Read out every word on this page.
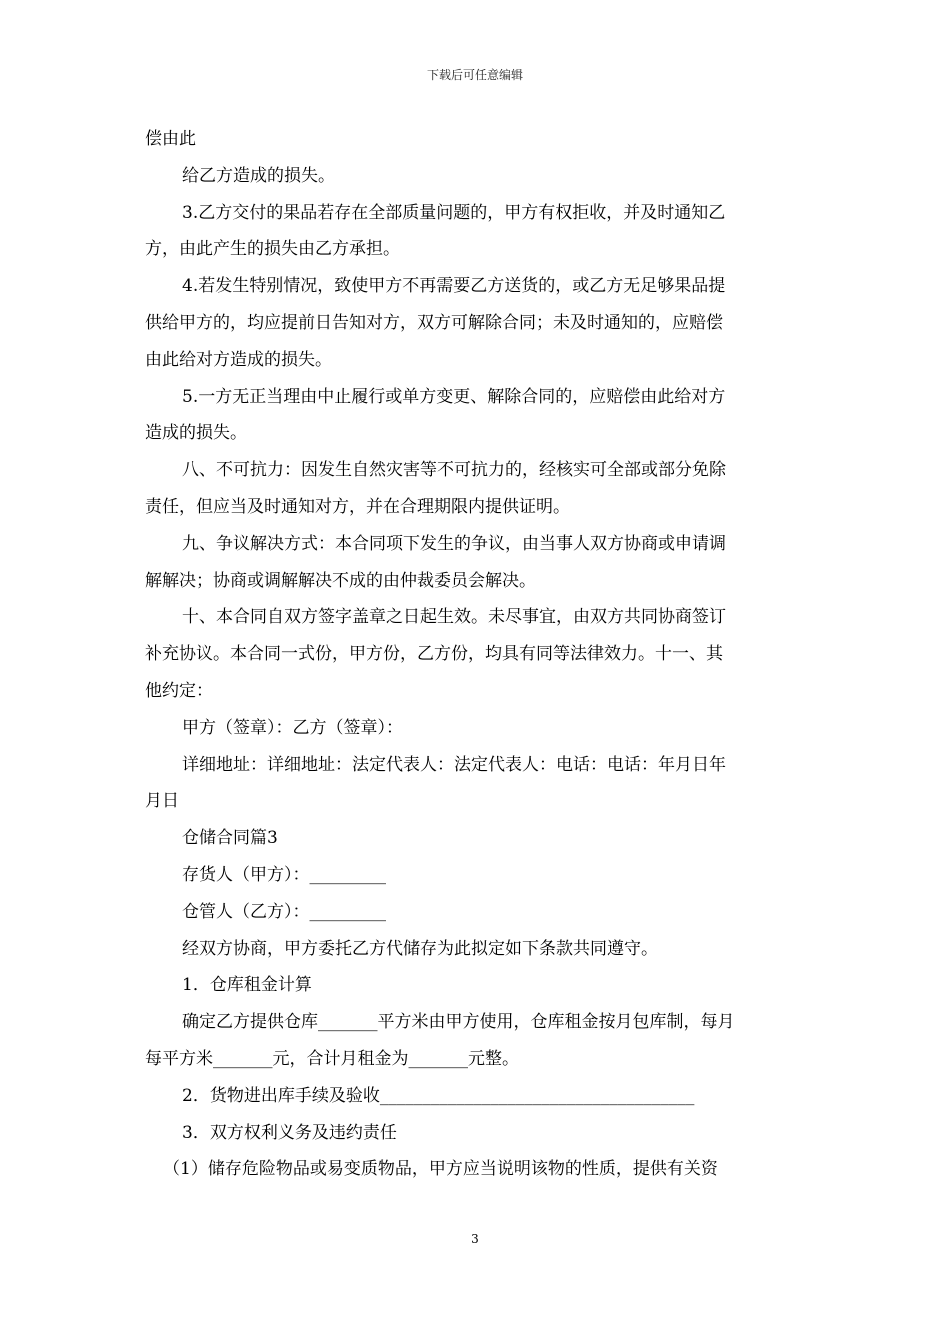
下载后可任意编辑
偿由此
给乙方造成的损失。
3.乙方交付的果品若存在全部质量问题的，甲方有权拒收，并及时通知乙
方，由此产生的损失由乙方承担。
4.若发生特别情况，致使甲方不再需要乙方送货的，或乙方无足够果品提
供给甲方的，均应提前日告知对方，双方可解除合同；未及时通知的，应赔偿
由此给对方造成的损失。
5.一方无正当理由中止履行或单方变更、解除合同的，应赔偿由此给对方
造成的损失。
八、不可抗力：因发生自然灾害等不可抗力的，经核实可全部或部分免除
责任，但应当及时通知对方，并在合理期限内提供证明。
九、争议解决方式：本合同项下发生的争议，由当事人双方协商或申请调
解解决；协商或调解解决不成的由仲裁委员会解决。
十、本合同自双方签字盖章之日起生效。未尽事宜，由双方共同协商签订
补充协议。本合同一式份，甲方份，乙方份，均具有同等法律效力。十一、其
他约定：
甲方（签章）：乙方（签章）：
详细地址：详细地址：法定代表人：法定代表人：电话：电话：年月日年
月日
仓储合同篇3
存货人（甲方）：_________
仓管人（乙方）：_________
经双方协商，甲方委托乙方代储存为此拟定如下条款共同遵守。
1．仓库租金计算
确定乙方提供仓库_______平方米由甲方使用，仓库租金按月包库制，每月
每平方米_______元，合计月租金为_______元整。
2．货物进出库手续及验收_____________________________________
3．双方权利义务及违约责任
（1）储存危险物品或易变质物品，甲方应当说明该物的性质，提供有关资
3
